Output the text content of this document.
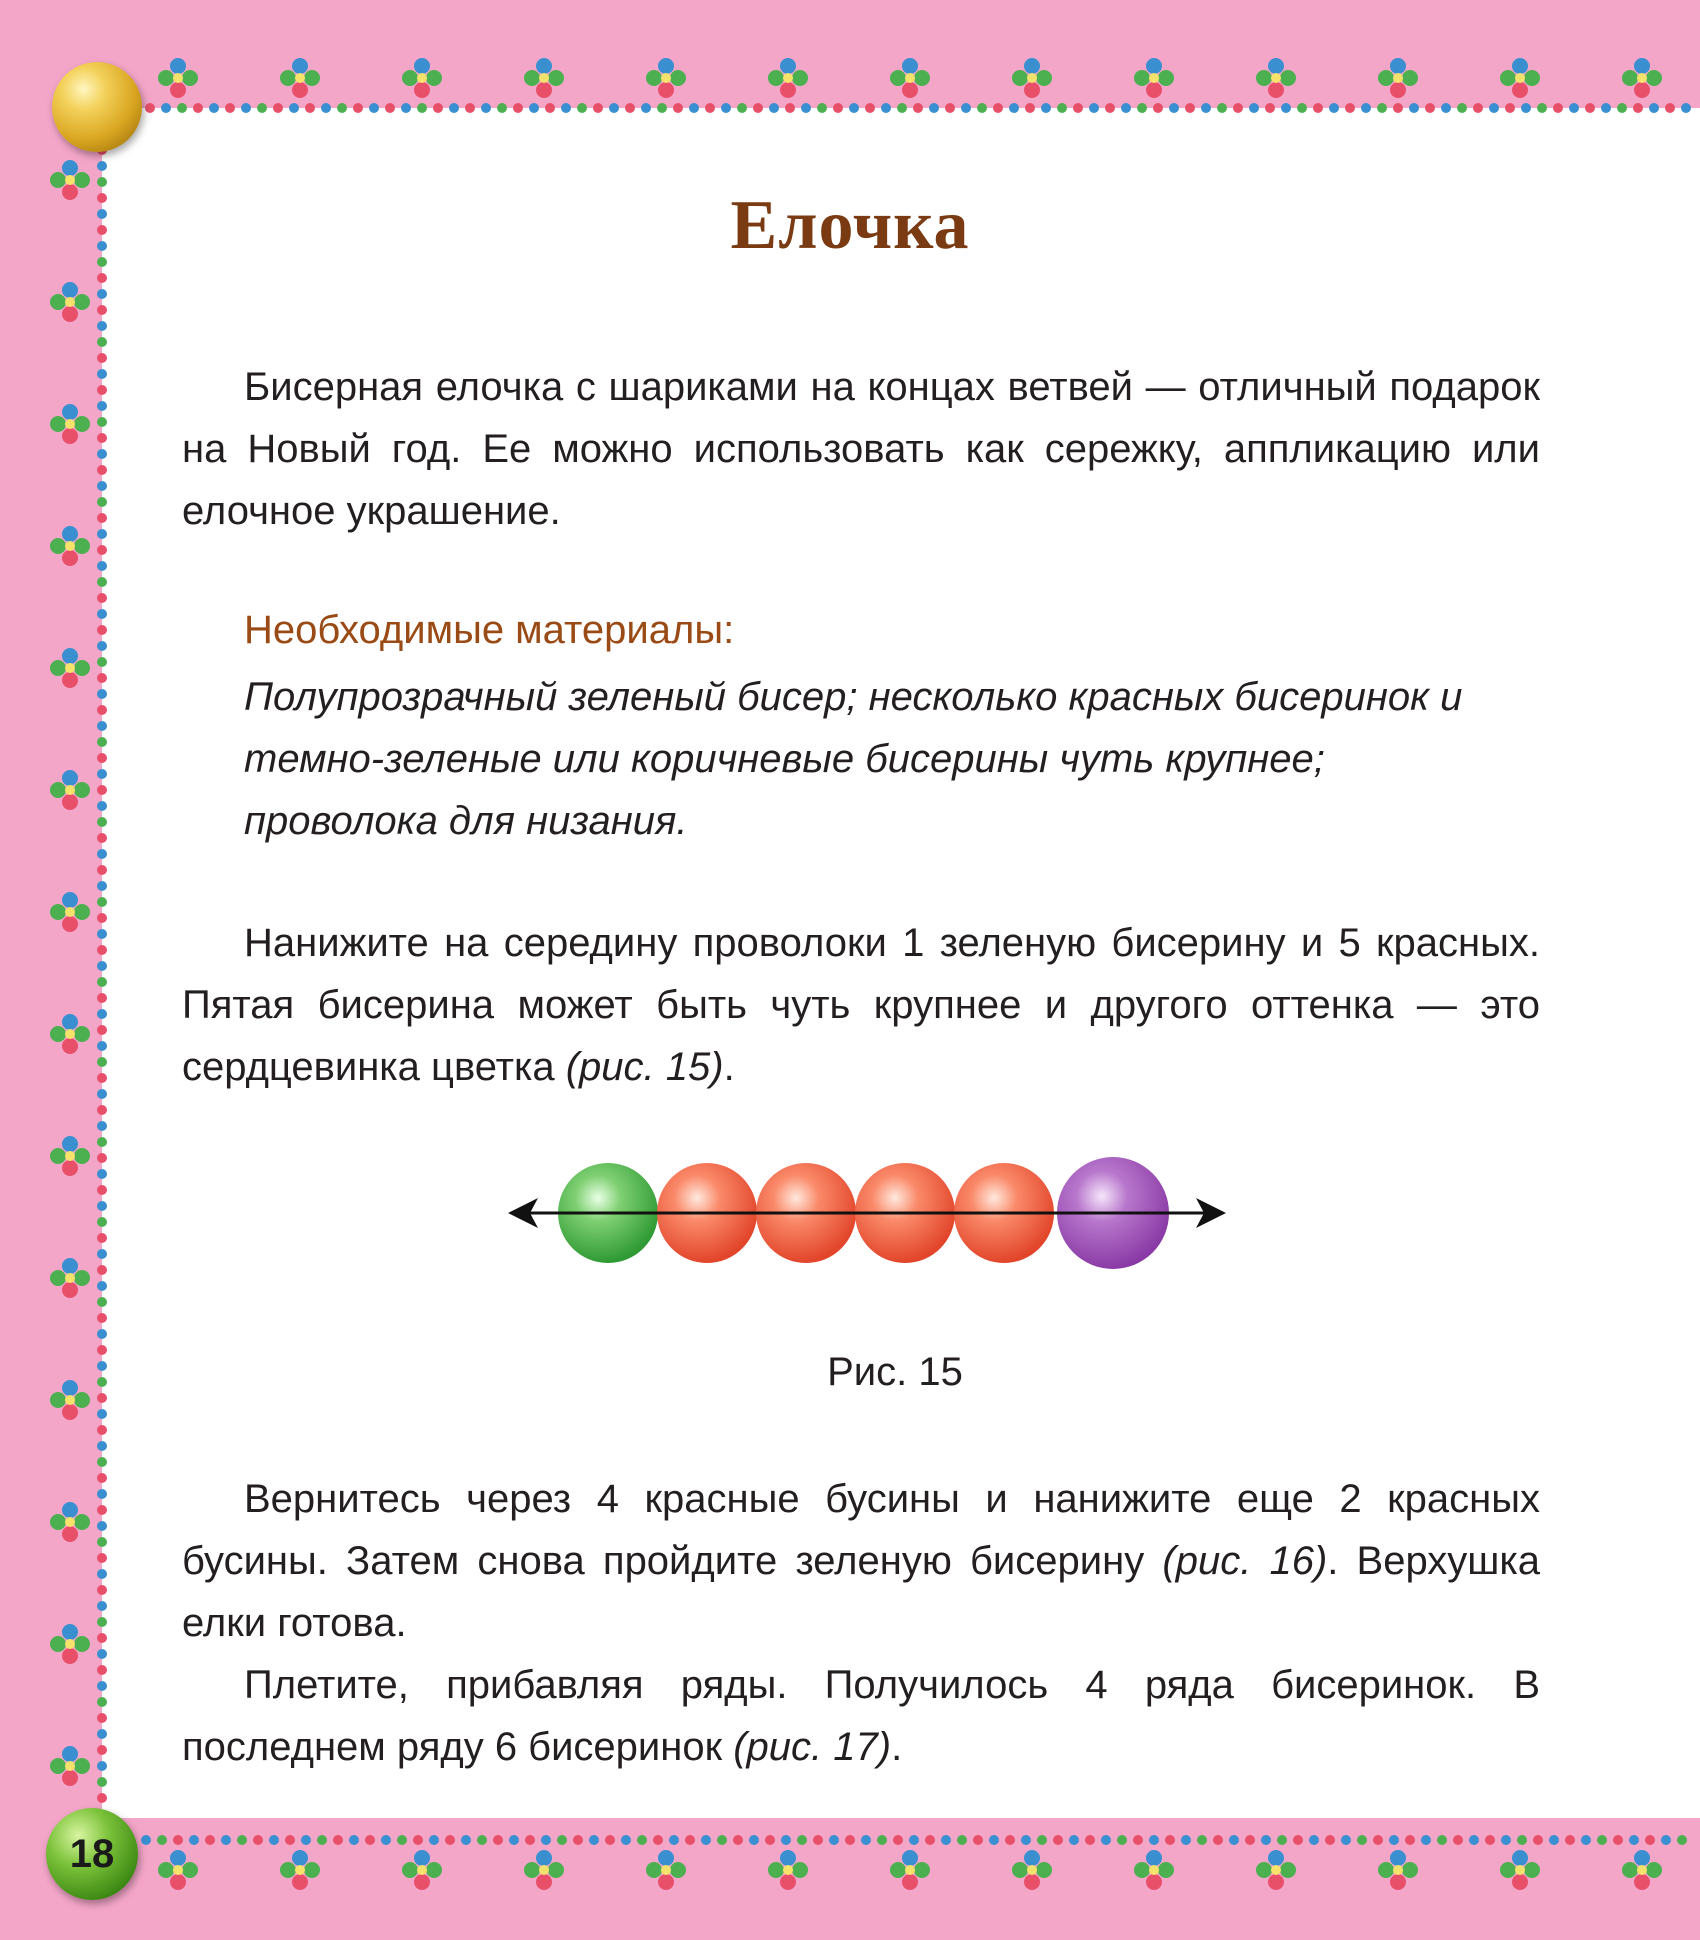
Елочка

Бисерная елочка с шариками на концах ветвей — отличный подарок на Новый год. Ее можно использовать как сережку, аппликацию или елочное украшение.

Необходимые материалы:

Полупрозрачный зеленый бисер; несколько красных бисеринок и темно-зеленые или коричневые бисерины чуть крупнее; проволока для низания.

Нанижите на середину проволоки 1 зеленую бисерину и 5 красных. Пятая бисерина может быть чуть крупнее и другого оттенка — это сердцевинка цветка (рис. 15).

Рис. 15

Вернитесь через 4 красные бусины и нанижите еще 2 красных бусины. Затем снова пройдите зеленую бисерину (рис. 16). Верхушка елки готова.

Плетите, прибавляя ряды. Получилось 4 ряда бисеринок. В последнем ряду 6 бисеринок (рис. 17).

18
